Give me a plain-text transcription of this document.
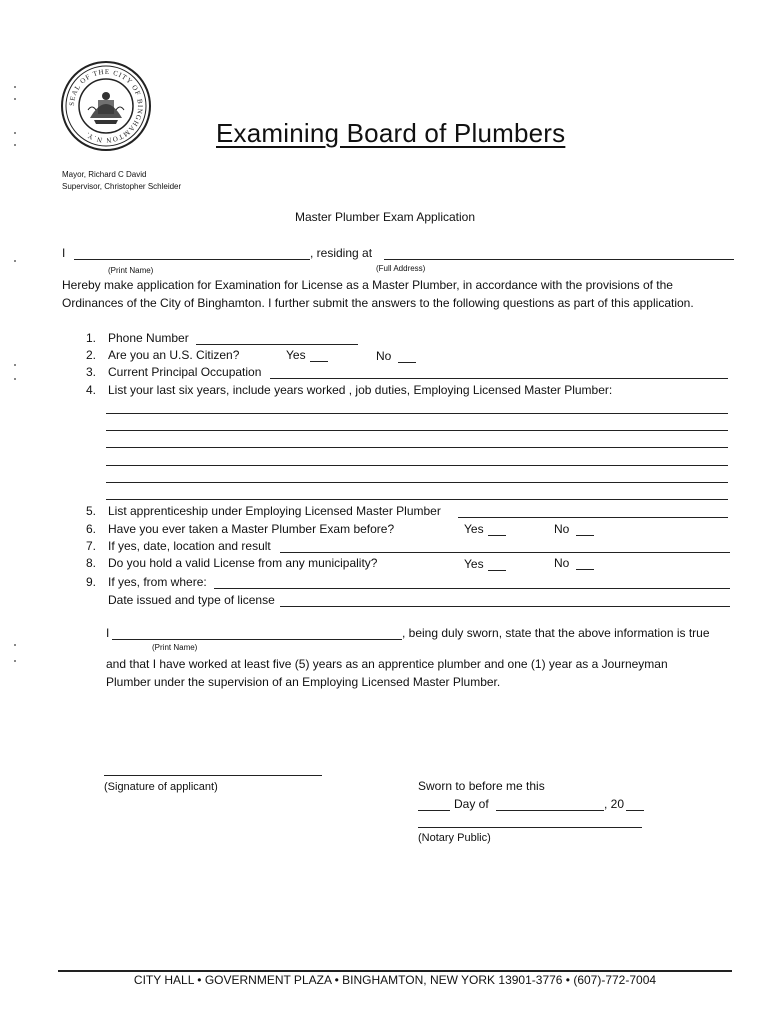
SEAL OF THE CITY OF BINGHAMTON N.Y.	Examining Board of Plumbers
Mayor, Richard C David
Supervisor, Christopher Schleider
Master Plumber Exam Application
I	, residing at
(Print Name)	(Full Address)
Hereby make application for Examination for License as a Master Plumber, in accordance with the provisions of the Ordinances of the City of Binghamton. I further submit the answers to the following questions as part of this application.
1. Phone Number
2. Are you an U.S. Citizen?	Yes	No
3. Current Principal Occupation
4. List your last six years, include years worked , job duties, Employing Licensed Master Plumber:
5. List apprenticeship under Employing Licensed Master Plumber
6. Have you ever taken a Master Plumber Exam before?	Yes	No
7. If yes, date, location and result
8. Do you hold a valid License from any municipality?	Yes	No
9. If yes, from where:
Date issued and type of license
I	, being duly sworn, state that the above information is true
(Print Name)
and that I have worked at least five (5) years as an apprentice plumber and one (1) year as a Journeyman Plumber under the supervision of an Employing Licensed Master Plumber.
(Signature of applicant)	Sworn to before me this
Day of	, 20
(Notary Public)
CITY HALL • GOVERNMENT PLAZA • BINGHAMTON, NEW YORK 13901-3776 • (607)-772-7004
